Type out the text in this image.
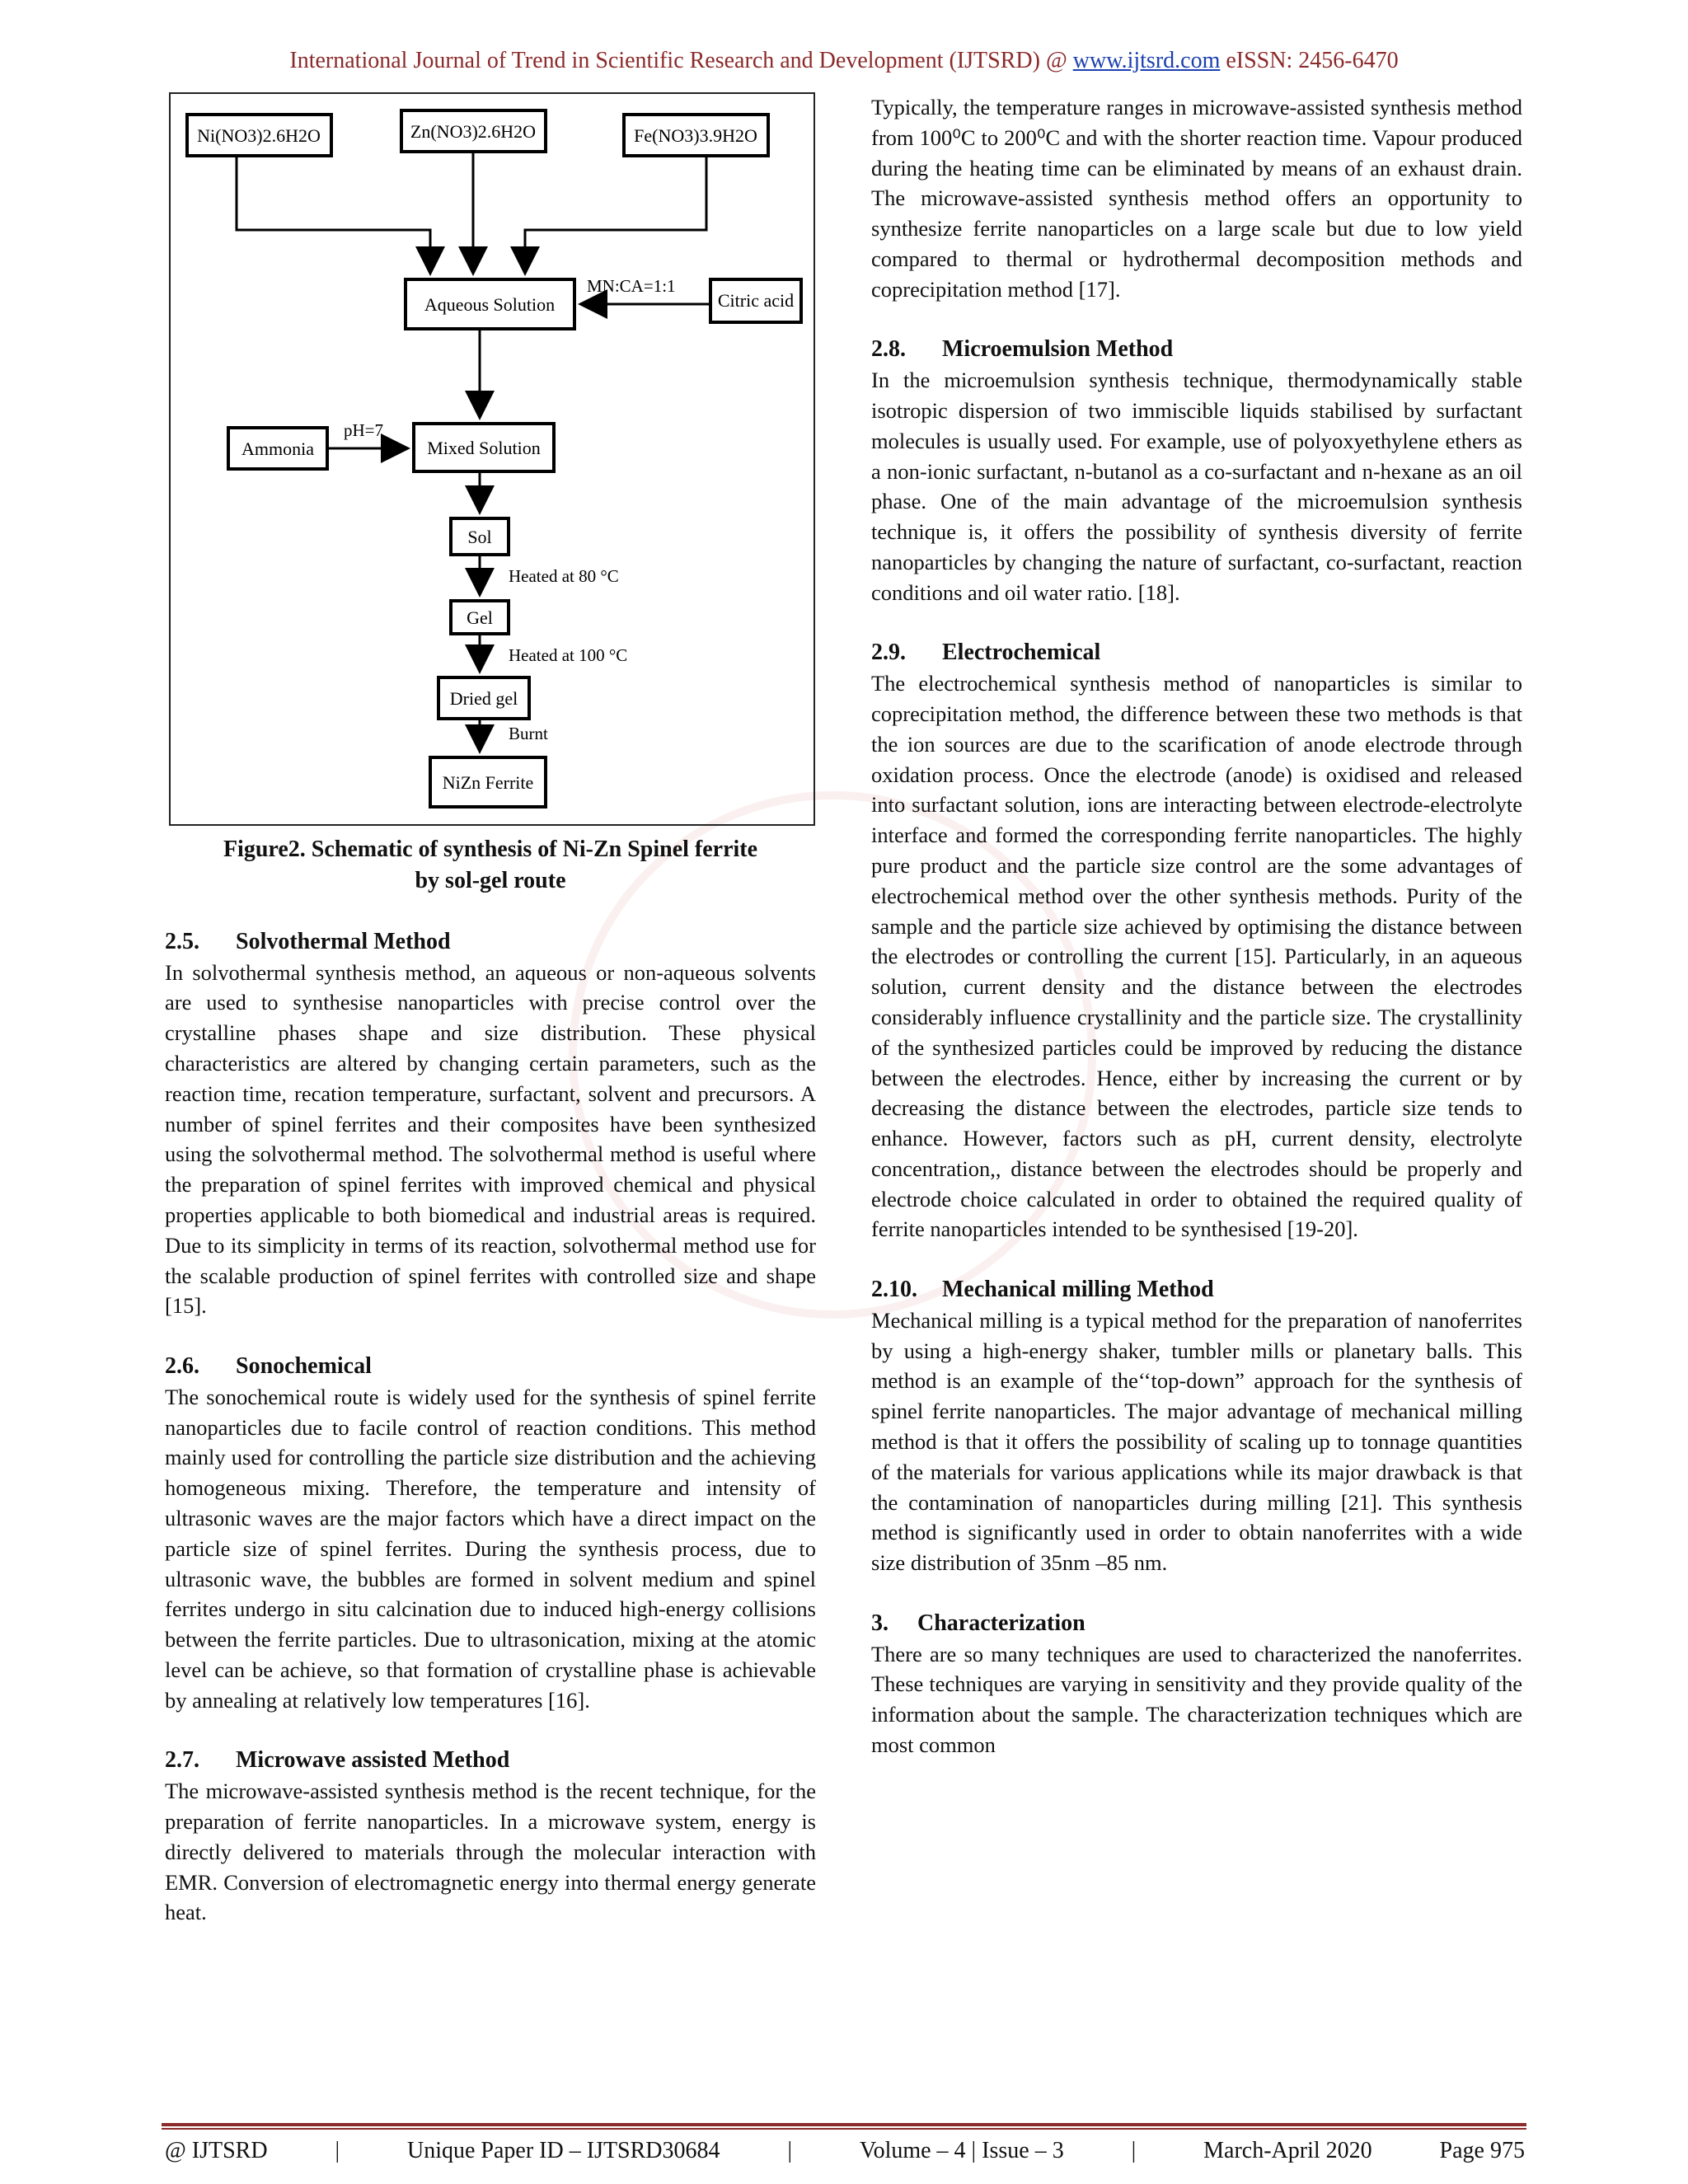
International Journal of Trend in Scientific Research and Development (IJTSRD) @ www.ijtsrd.com eISSN: 2456-6470
Ni(NO3)2.6H2O	Zn(NO3)2.6H2O	Fe(NO3)3.9H2O
Aqueous Solution	Citric acid
Ammonia	Mixed Solution
Sol
Gel
Dried gel
NiZn Ferrite
MN:CA=1:1
pH=7
Heated at 80 °C
Heated at 100 °C
Burnt
Figure2. Schematic of synthesis of Ni-Zn Spinel ferrite
by sol-gel route
2.5. Solvothermal Method

In solvothermal synthesis method, an aqueous or non-aqueous solvents are used to synthesise nanoparticles with precise control over the crystalline phases shape and size distribution. These physical characteristics are altered by changing certain parameters, such as the reaction time, recation temperature, surfactant, solvent and precursors. A number of spinel ferrites and their composites have been synthesized using the solvothermal method. The solvothermal method is useful where the preparation of spinel ferrites with improved chemical and physical properties applicable to both biomedical and industrial areas is required. Due to its simplicity in terms of its reaction, solvothermal method use for the scalable production of spinel ferrites with controlled size and shape [15].

2.6. Sonochemical

The sonochemical route is widely used for the synthesis of spinel ferrite nanoparticles due to facile control of reaction conditions. This method mainly used for controlling the particle size distribution and the achieving homogeneous mixing. Therefore, the temperature and intensity of ultrasonic waves are the major factors which have a direct impact on the particle size of spinel ferrites. During the synthesis process, due to ultrasonic wave, the bubbles are formed in solvent medium and spinel ferrites undergo in situ calcination due to induced high-energy collisions between the ferrite particles. Due to ultrasonication, mixing at the atomic level can be achieve, so that formation of crystalline phase is achievable by annealing at relatively low temperatures [16].

2.7. Microwave assisted Method

The microwave-assisted synthesis method is the recent technique, for the preparation of ferrite nanoparticles. In a microwave system, energy is directly delivered to materials through the molecular interaction with EMR. Conversion of electromagnetic energy into thermal energy generate heat.

Typically, the temperature ranges in microwave-assisted synthesis method from 100⁰C to 200⁰C and with the shorter reaction time. Vapour produced during the heating time can be eliminated by means of an exhaust drain. The microwave-assisted synthesis method offers an opportunity to synthesize ferrite nanoparticles on a large scale but due to low yield compared to thermal or hydrothermal decomposition methods and coprecipitation method [17].

2.8. Microemulsion Method

In the microemulsion synthesis technique, thermodynamically stable isotropic dispersion of two immiscible liquids stabilised by surfactant molecules is usually used. For example, use of polyoxyethylene ethers as a non-ionic surfactant, n-butanol as a co-surfactant and n-hexane as an oil phase. One of the main advantage of the microemulsion synthesis technique is, it offers the possibility of synthesis diversity of ferrite nanoparticles by changing the nature of surfactant, co-surfactant, reaction conditions and oil water ratio. [18].

2.9. Electrochemical

The electrochemical synthesis method of nanoparticles is similar to coprecipitation method, the difference between these two methods is that the ion sources are due to the scarification of anode electrode through oxidation process. Once the electrode (anode) is oxidised and released into surfactant solution, ions are interacting between electrode-electrolyte interface and formed the corresponding ferrite nanoparticles. The highly pure product and the particle size control are the some advantages of electrochemical method over the other synthesis methods. Purity of the sample and the particle size achieved by optimising the distance between the electrodes or controlling the current [15]. Particularly, in an aqueous solution, current density and the distance between the electrodes considerably influence crystallinity and the particle size. The crystallinity of the synthesized particles could be improved by reducing the distance between the electrodes. Hence, either by increasing the current or by decreasing the distance between the electrodes, particle size tends to enhance. However, factors such as pH, current density, electrolyte concentration,, distance between the electrodes should be properly and electrode choice calculated in order to obtained the required quality of ferrite nanoparticles intended to be synthesised [19-20].

2.10. Mechanical milling Method

Mechanical milling is a typical method for the preparation of nanoferrites by using a high-energy shaker, tumbler mills or planetary balls. This method is an example of the‘‘top-down” approach for the synthesis of spinel ferrite nanoparticles. The major advantage of mechanical milling method is that it offers the possibility of scaling up to tonnage quantities of the materials for various applications while its major drawback is that the contamination of nanoparticles during milling [21]. This synthesis method is significantly used in order to obtain nanoferrites with a wide size distribution of 35nm –85 nm.

3. Characterization

There are so many techniques are used to characterized the nanoferrites. These techniques are varying in sensitivity and they provide quality of the information about the sample. The characterization techniques which are most common

@ IJTSRD	|	Unique Paper ID – IJTSRD30684	|	Volume – 4 | Issue – 3	|	March-April 2020	Page 975
